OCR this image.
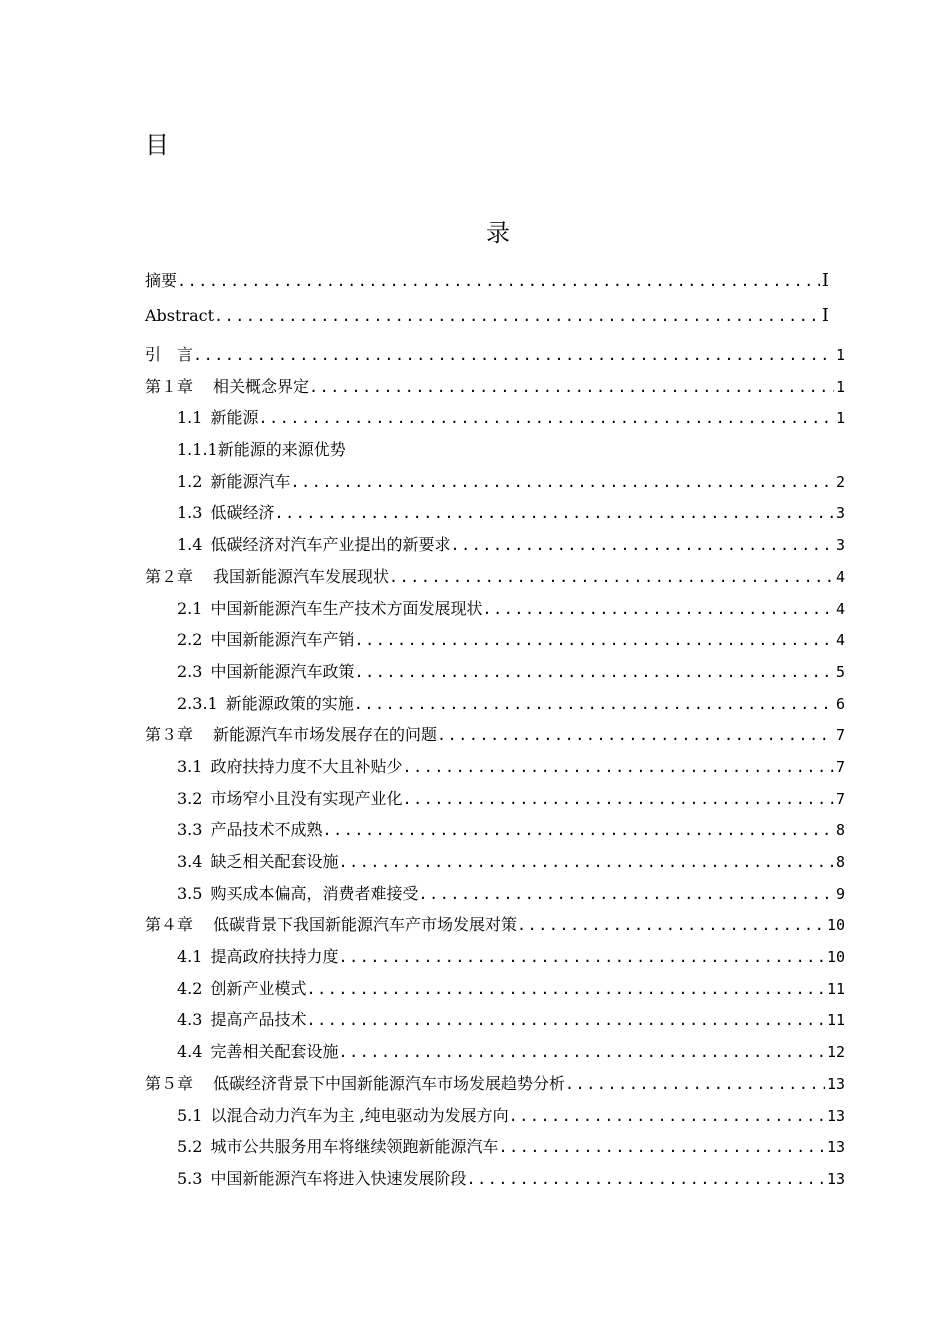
目
录
摘要 .....	I
Abstract .....	I
引　言 .....	1
第１章 相关概念界定 .....	1
1.1 新能源 .....	1
1.1.1新能源的来源优势
1.2 新能源汽车 .....	2
1.3 低碳经济 .....	3
1.4 低碳经济对汽车产业提出的新要求 .....	3
第２章 我国新能源汽车发展现状 .....	4
2.1 中国新能源汽车生产技术方面发展现状 .....	4
2.2 中国新能源汽车产销 .....	4
2.3 中国新能源汽车政策 .....	5
2.3.1 新能源政策的实施 .....	6
第３章 新能源汽车市场发展存在的问题 .....	7
3.1 政府扶持力度不大且补贴少 .....	7
3.2 市场窄小且没有实现产业化 .....	7
3.3 产品技术不成熟 .....	8
3.4 缺乏相关配套设施 .....	8
3.5 购买成本偏高，消费者难接受 .....	9
第４章 低碳背景下我国新能源汽车产市场发展对策 .....	10
4.1 提高政府扶持力度 .....	10
4.2 创新产业模式 .....	11
4.3 提高产品技术 .....	11
4.4 完善相关配套设施 .....	12
第５章 低碳经济背景下中国新能源汽车市场发展趋势分析 .....	13
5.1 以混合动力汽车为主 ,纯电驱动为发展方向 .....	13
5.2 城市公共服务用车将继续领跑新能源汽车 .....	13
5.3 中国新能源汽车将进入快速发展阶段 .....	13
